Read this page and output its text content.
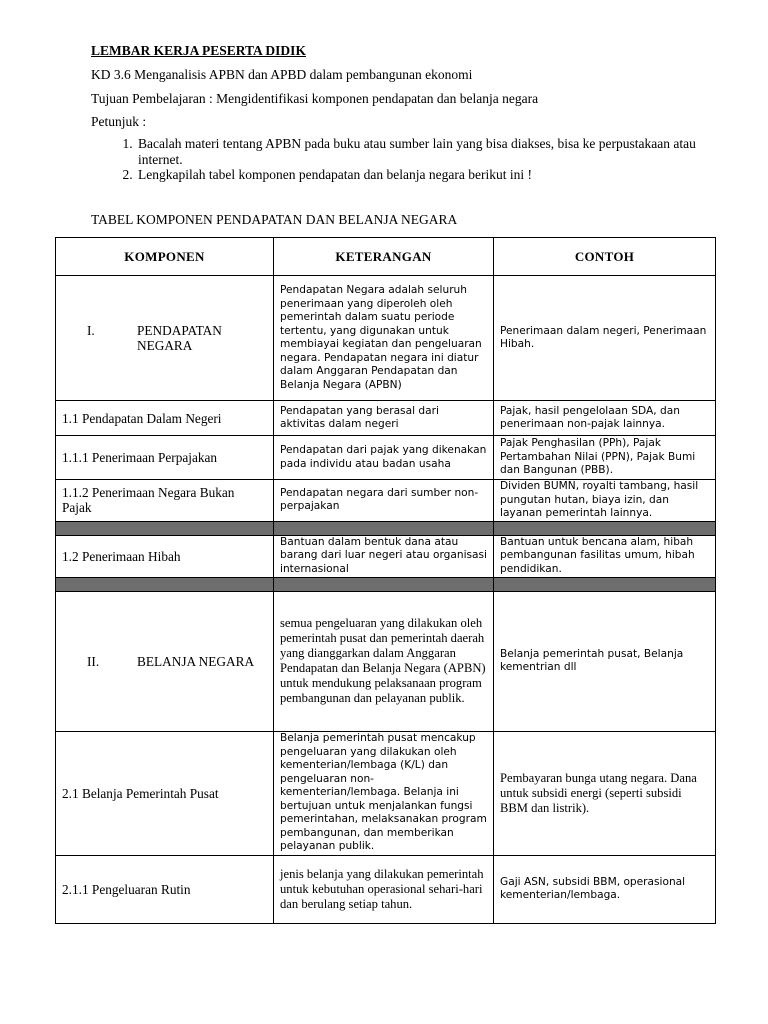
LEMBAR KERJA PESERTA DIDIK
KD 3.6 Menganalisis APBN dan APBD dalam pembangunan ekonomi
Tujuan Pembelajaran : Mengidentifikasi komponen pendapatan dan belanja negara
Petunjuk :
1. Bacalah materi tentang APBN pada buku atau sumber lain yang bisa diakses, bisa ke perpustakaan atau internet.
2. Lengkapilah tabel komponen pendapatan dan belanja negara berikut ini !
TABEL KOMPONEN PENDAPATAN DAN BELANJA NEGARA
KOMPONEN	KETERANGAN	CONTOH

I. PENDAPATAN NEGARA	Pendapatan Negara adalah seluruh penerimaan yang diperoleh oleh pemerintah dalam suatu periode tertentu, yang digunakan untuk membiayai kegiatan dan pengeluaran negara. Pendapatan negara ini diatur dalam Anggaran Pendapatan dan Belanja Negara (APBN)	Penerimaan dalam negeri, Penerimaan Hibah.
1.1 Pendapatan Dalam Negeri	Pendapatan yang berasal dari aktivitas dalam negeri	Pajak, hasil pengelolaan SDA, dan penerimaan non-pajak lainnya.
1.1.1 Penerimaan Perpajakan	Pendapatan dari pajak yang dikenakan pada individu atau badan usaha	Pajak Penghasilan (PPh), Pajak Pertambahan Nilai (PPN), Pajak Bumi dan Bangunan (PBB).
1.1.2 Penerimaan Negara Bukan Pajak	Pendapatan negara dari sumber non-perpajakan	Dividen BUMN, royalti tambang, hasil pungutan hutan, biaya izin, dan layanan pemerintah lainnya.

1.2 Penerimaan Hibah	Bantuan dalam bentuk dana atau barang dari luar negeri atau organisasi internasional	Bantuan untuk bencana alam, hibah pembangunan fasilitas umum, hibah pendidikan.

II. BELANJA NEGARA	semua pengeluaran yang dilakukan oleh pemerintah pusat dan pemerintah daerah yang dianggarkan dalam Anggaran Pendapatan dan Belanja Negara (APBN) untuk mendukung pelaksanaan program pembangunan dan pelayanan publik.	Belanja pemerintah pusat, Belanja kementrian dll
2.1 Belanja Pemerintah Pusat	Belanja pemerintah pusat mencakup pengeluaran yang dilakukan oleh kementerian/lembaga (K/L) dan pengeluaran non-kementerian/lembaga. Belanja ini bertujuan untuk menjalankan fungsi pemerintahan, melaksanakan program pembangunan, dan memberikan pelayanan publik.	Pembayaran bunga utang negara. Dana untuk subsidi energi (seperti subsidi BBM dan listrik).
2.1.1 Pengeluaran Rutin	jenis belanja yang dilakukan pemerintah untuk kebutuhan operasional sehari-hari dan berulang setiap tahun.	Gaji ASN, subsidi BBM, operasional kementerian/lembaga.
